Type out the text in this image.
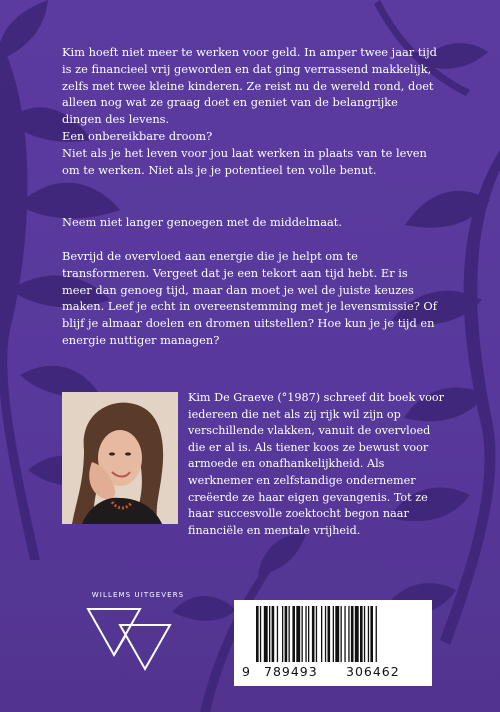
Kim hoeft niet meer te werken voor geld. In amper twee jaar tijd is ze financieel vrij geworden en dat ging verrassend makkelijk, zelfs met twee kleine kinderen. Ze reist nu de wereld rond, doet alleen nog wat ze graag doet en geniet van de belangrijke dingen des levens.

Een onbereikbare droom?

Niet als je het leven voor jou laat werken in plaats van te leven om te werken. Niet als je je potentieel ten volle benut.

Neem niet langer genoegen met de middelmaat.

Bevrijd de overvloed aan energie die je helpt om te transformeren. Vergeet dat je een tekort aan tijd hebt. Er is meer dan genoeg tijd, maar dan moet je wel de juiste keuzes maken. Leef je echt in overeenstemming met je levensmissie? Of blijf je almaar doelen en dromen uitstellen? Hoe kun je je tijd en energie nuttiger managen?

Kim De Graeve (°1987) schreef dit boek voor iedereen die net als zij rijk wil zijn op verschillende vlakken, vanuit de overvloed die er al is. Als tiener koos ze bewust voor armoede en onafhankelijkheid. Als werknemer en zelfstandige ondernemer creëerde ze haar eigen gevangenis. Tot ze haar succesvolle zoektocht begon naar financiële en mentale vrijheid.
WILLEMS UITGEVERS
9 789493 306462
